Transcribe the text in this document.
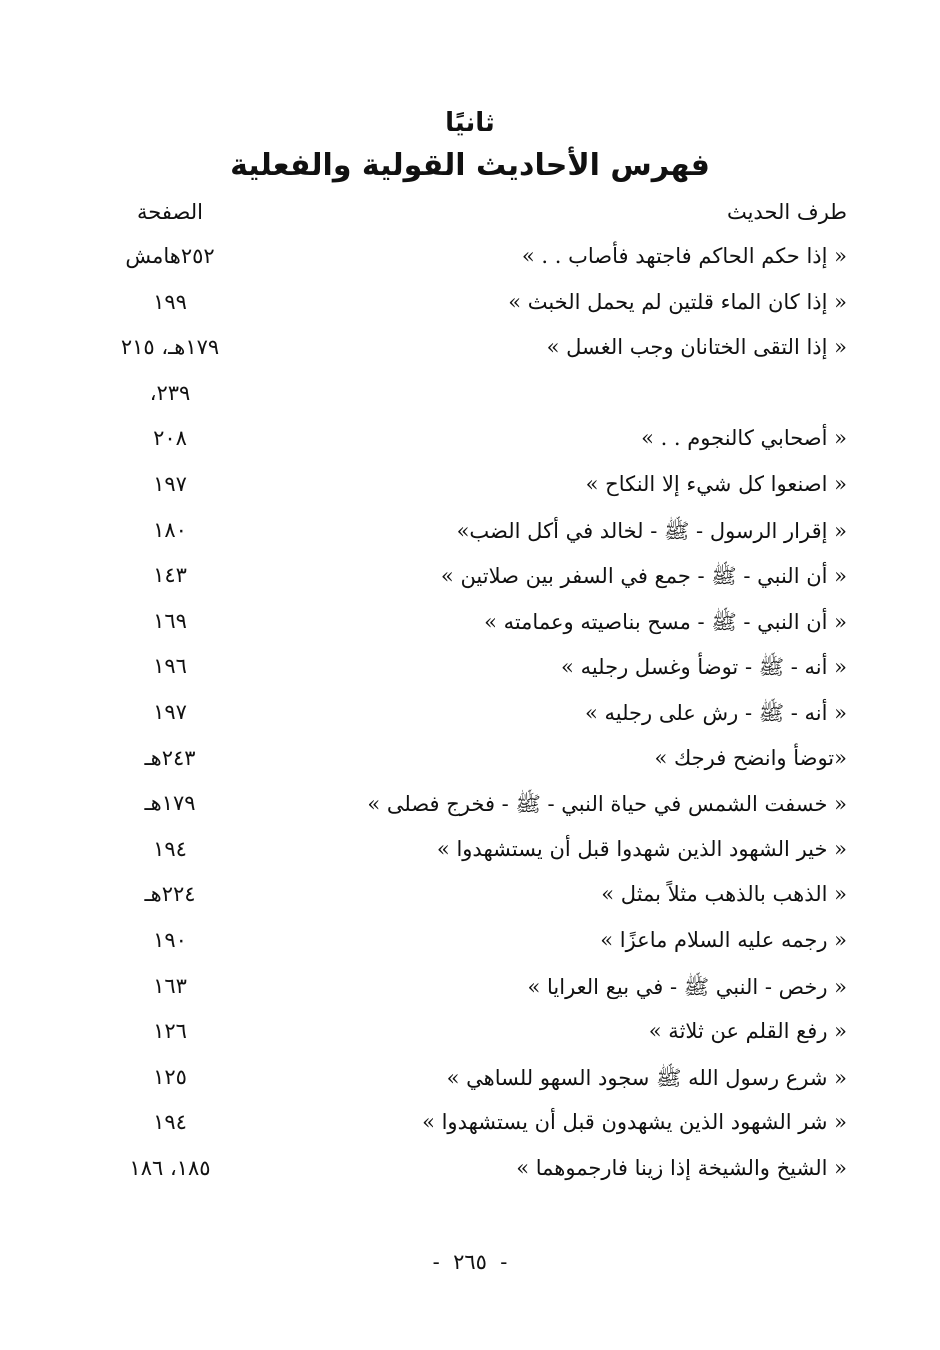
ثانيًا
فهرس الأحاديث القولية والفعلية
طرف الحديث
الصفحة
« إذا حكم الحاكم فاجتهد فأصاب . . »
٢٥٢هامش
« إذا كان الماء قلتين لم يحمل الخبث »
١٩٩
« إذا التقى الختانان وجب الغسل »
١٧٩هـ، ٢١٥
٢٣٩،
« أصحابي كالنجوم . . »
٢٠٨
« اصنعوا كل شيء إلا النكاح »
١٩٧
« إقرار الرسول - ﷺ - لخالد في أكل الضب»
١٨٠
« أن النبي - ﷺ - جمع في السفر بين صلاتين »
١٤٣
« أن النبي - ﷺ - مسح بناصيته وعمامته »
١٦٩
« أنه - ﷺ - توضأ وغسل رجليه »
١٩٦
« أنه - ﷺ - رش على رجليه »
١٩٧
«توضأ وانضح فرجك »
٢٤٣هـ
« خسفت الشمس في حياة النبي - ﷺ - فخرج فصلى »
١٧٩هـ
« خير الشهود الذين شهدوا قبل أن يستشهدوا »
١٩٤
« الذهب بالذهب مثلاً بمثل »
٢٢٤هـ
« رجمه عليه السلام ماعزًا »
١٩٠
« رخص - النبي ﷺ - في بيع العرايا »
١٦٣
« رفع القلم عن ثلاثة »
١٢٦
« شرع رسول الله ﷺ سجود السهو للساهي »
١٢٥
« شر الشهود الذين يشهدون قبل أن يستشهدوا »
١٩٤
« الشيخ والشيخة إذا زينا فارجموهما »
١٨٥، ١٨٦
-  ٢٦٥  -
